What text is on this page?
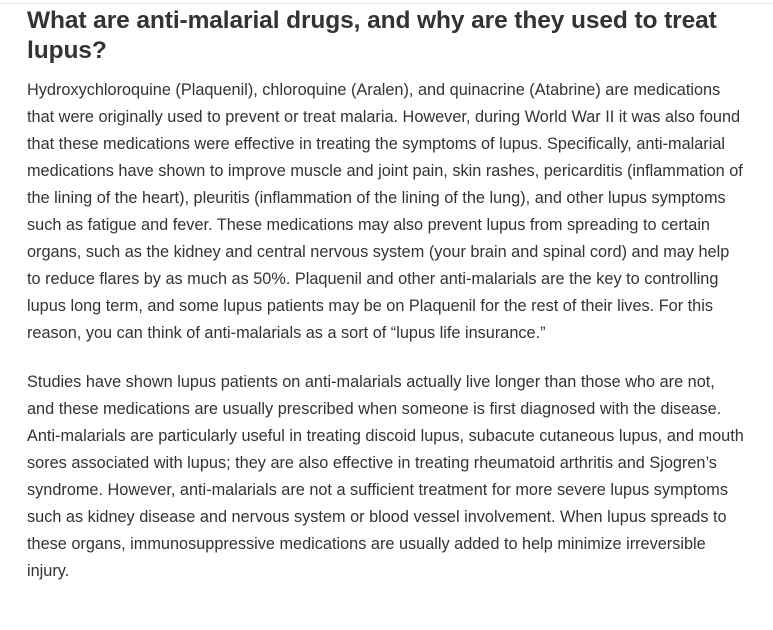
What are anti-malarial drugs, and why are they used to treat lupus?

Hydroxychloroquine (Plaquenil), chloroquine (Aralen), and quinacrine (Atabrine) are medications that were originally used to prevent or treat malaria. However, during World War II it was also found that these medications were effective in treating the symptoms of lupus. Specifically, anti-malarial medications have shown to improve muscle and joint pain, skin rashes, pericarditis (inflammation of the lining of the heart), pleuritis (inflammation of the lining of the lung), and other lupus symptoms such as fatigue and fever. These medications may also prevent lupus from spreading to certain organs, such as the kidney and central nervous system (your brain and spinal cord) and may help to reduce flares by as much as 50%. Plaquenil and other anti-malarials are the key to controlling lupus long term, and some lupus patients may be on Plaquenil for the rest of their lives. For this reason, you can think of anti-malarials as a sort of “lupus life insurance.”

Studies have shown lupus patients on anti-malarials actually live longer than those who are not, and these medications are usually prescribed when someone is first diagnosed with the disease. Anti-malarials are particularly useful in treating discoid lupus, subacute cutaneous lupus, and mouth sores associated with lupus; they are also effective in treating rheumatoid arthritis and Sjogren’s syndrome. However, anti-malarials are not a sufficient treatment for more severe lupus symptoms such as kidney disease and nervous system or blood vessel involvement. When lupus spreads to these organs, immunosuppressive medications are usually added to help minimize irreversible injury.
